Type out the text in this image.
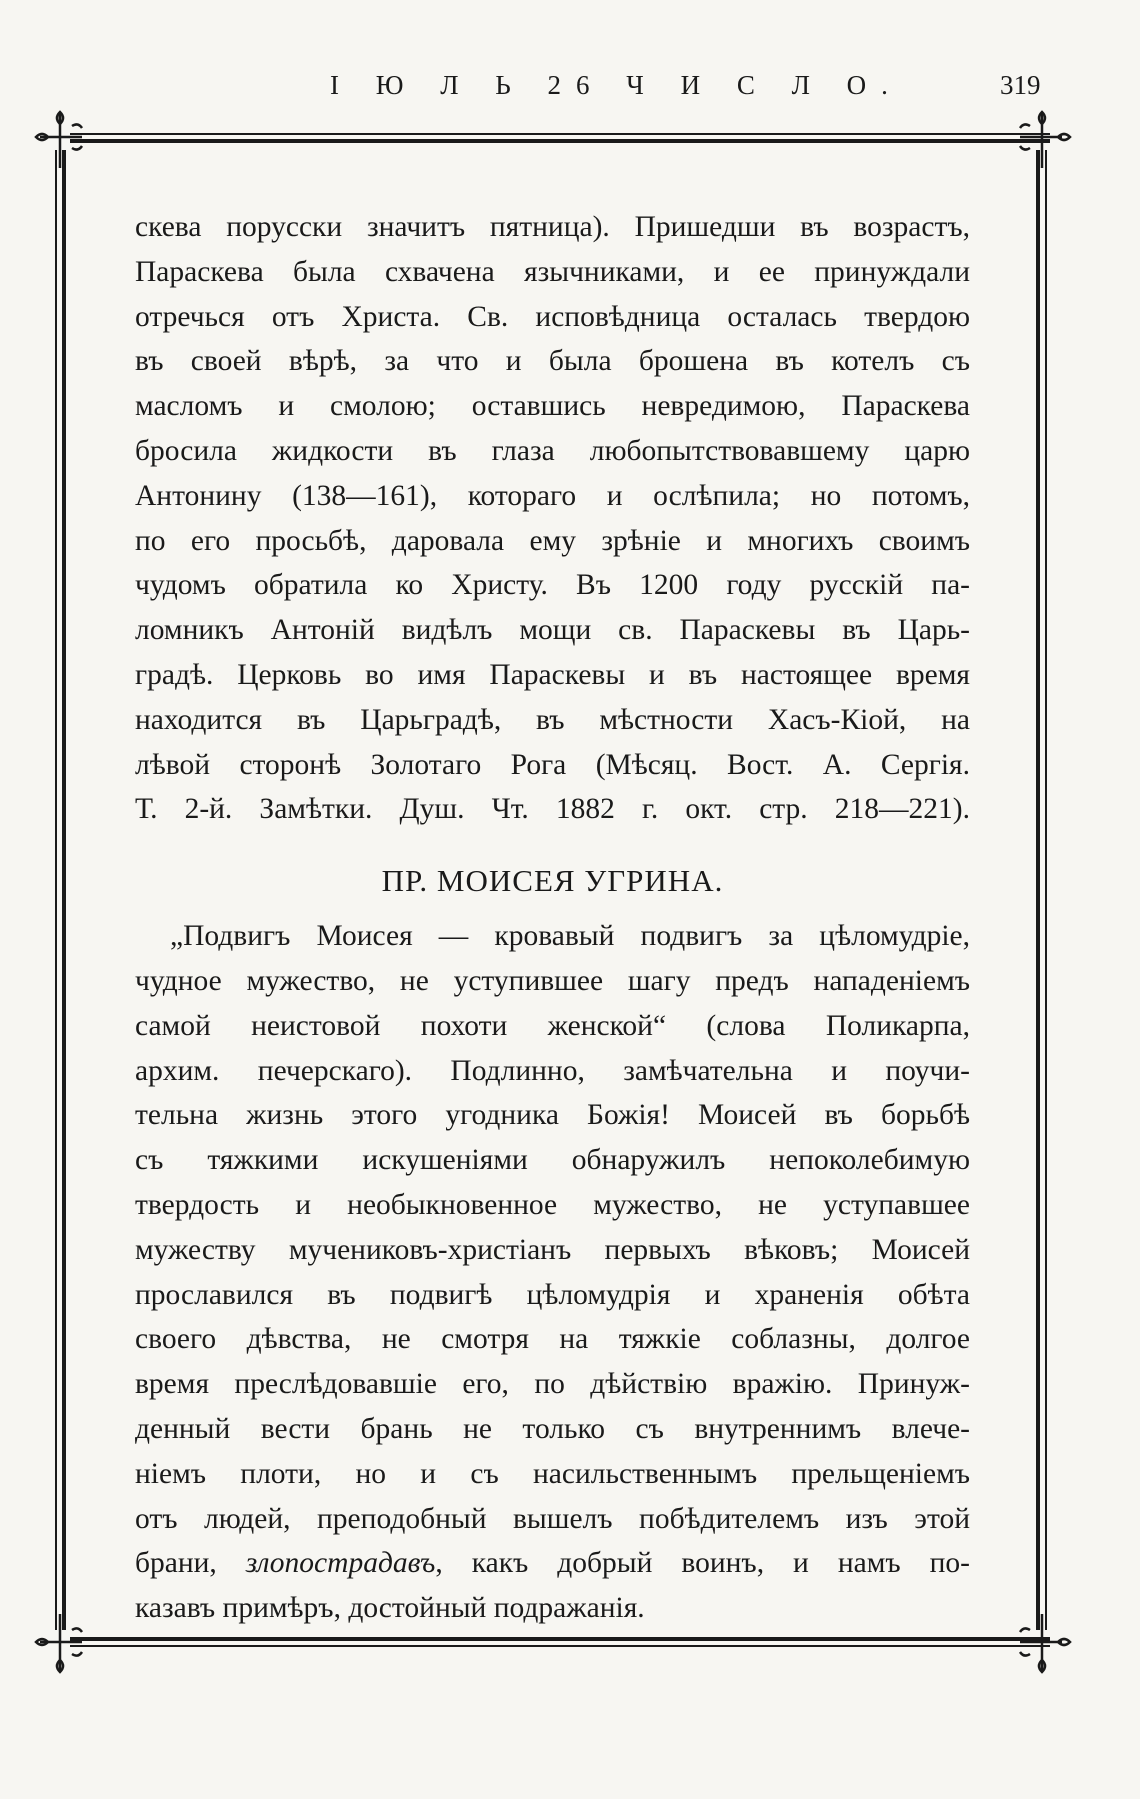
І Ю Л Ь 26 Ч И С Л О.	319
скева порусски значитъ пятница). Пришедши въ возрастъ,
Параскева была схвачена язычниками, и ее принуждали
отречься отъ Христа. Св. исповѣдница осталась твердою
въ своей вѣрѣ, за что и была брошена въ котелъ съ
масломъ и смолою; оставшись невредимою, Параскева
бросила жидкости въ глаза любопытствовавшему царю
Антонину (138—161), котораго и ослѣпила; но потомъ,
по его просьбѣ, даровала ему зрѣніе и многихъ своимъ
чудомъ обратила ко Христу. Въ 1200 году русскій па-
ломникъ Антоній видѣлъ мощи св. Параскевы въ Царь-
градѣ. Церковь во имя Параскевы и въ настоящее время
находится въ Царьградѣ, въ мѣстности Хасъ-Кіой, на
лѣвой сторонѣ Золотаго Рога (Мѣсяц. Вост. А. Сергія.
Т. 2-й. Замѣтки. Душ. Чт. 1882 г. окт. стр. 218—221).
ПР. МОИСЕЯ УГРИНА.
„Подвигъ Моисея — кровавый подвигъ за цѣломудріе,
чудное мужество, не уступившее шагу предъ нападеніемъ
самой неистовой похоти женской“ (слова Поликарпа,
архим. печерскаго). Подлинно, замѣчательна и поучи-
тельна жизнь этого угодника Божія! Моисей въ борьбѣ
съ тяжкими искушеніями обнаружилъ непоколебимую
твердость и необыкновенное мужество, не уступавшее
мужеству мучениковъ-христіанъ первыхъ вѣковъ; Моисей
прославился въ подвигѣ цѣломудрія и храненія обѣта
своего дѣвства, не смотря на тяжкіе соблазны, долгое
время преслѣдовавшіе его, по дѣйствію вражію. Принуж-
денный вести брань не только съ внутреннимъ влече-
ніемъ плоти, но и съ насильственнымъ прельщеніемъ
отъ людей, преподобный вышелъ побѣдителемъ изъ этой
брани, злопострадавъ, какъ добрый воинъ, и намъ по-
казавъ примѣръ, достойный подражанія.
